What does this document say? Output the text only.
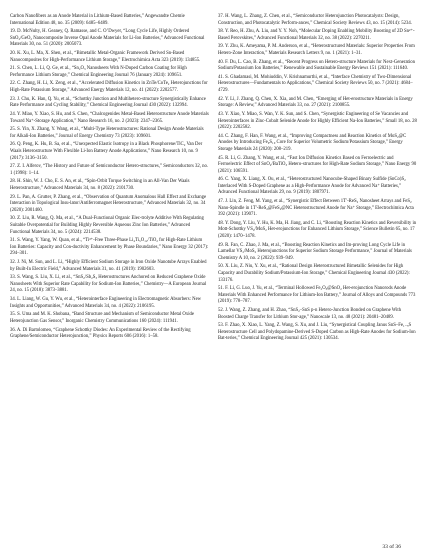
Carbon Nanofibers as an Anode Material in Lithium-Based Batteries,” Angewandte Chemie International Edition 48, no. 35 (2009): 6485–6489.

19. D. McNulty, H. Geaney, Q. Ramasse, and C. O’Dwyer, “Long Cycle Life, Highly Ordered SnO₂/GeO₂ Nanocomposite Inverse Opal Anode Materials for Li-Ion Batteries,” Advanced Functional Materials 30, no. 51 (2020): 2005073.

20. K. Xu, L. Ma, X. Shen, et al., “Bimetallic Metal-Organic Framework Derived Sn-Based Nanocomposites for High-Performance Lithium Storage,” Electrochimica Acta 323 (2019): 134855.

21. S. Chen, L. Li, Q. Ge, et al., “Sn₂O₃ Nanosheets With N-Doped Carbon Coating for High Performance Lithium Storage,” Chemical Engineering Journal 76 (January 2024): 109651.

22. C. Zhang, H. Li, X. Zeng, et al., “Accelerated Diffusion Kinetics in ZnTe/CoTe₂ Heterojunctions for High-Rate Potassium Storage,” Advanced Energy Materials 12, no. 41 (2022): 2202577.

23. J. Chu, K. Han, Q. Yu, et al., “Schottky Junction and Multihetero-structure Synergistically Enhance Rate Performance and Cycling Stability,” Chemical Engineering Journal 430 (2022): 132994.

24. Y. Miao, Y. Xiao, S. Hu, and S. Chen, “Chalcogenides Metal-Based Heterostructure Anode Materials Toward Na⁺-Storage Application,” Nano Research 16, no. 2 (2023): 2347–2365.

25. S. Yin, X. Zhang, Y. Wang, et al., “Multi-Type Heterostructures: Rational Design Anode Materials for Alkali-Ion Batteries,” Journal of Energy Chemistry 73 (2023): 109601.

26. Q. Peng, K. Hu, B. Sa, et al., “Unexpected Elastic Isotropy in a Black Phosphorene/TiC₂ Van Der Waals Heterostructure With Flexible Li-Ion Battery Anode Applications,” Nano Research 10, no. 9 (2017): 3136–3150.

27. Z. I. Alferov, “The History and Future of Semiconductor Hetero-structures,” Semiconductors 32, no. 1 (1998): 1–14.

28. H. Shin, W. J. Cho, E. S. An, et al., “Spin-Orbit Torque Switching in an All-Van Der Waals Heterostructure,” Advanced Materials 34, no. 8 (2022): 2101730.

29. L. Pan, A. Grutter, P. Zhang, et al., “Observation of Quantum Anomalous Hall Effect and Exchange Interaction in Topological Insu-lator/Antiferromagnet Heterostructure,” Advanced Materials 32, no. 34 (2020): 2001460.

30. Z. Liu, R. Wang, Q. Ma, et al., “A Dual-Functional Organic Elec-trolyte Additive With Regulating Suitable Overpotential for Building Highly Reversible Aqueous Zinc Ion Batteries,” Advanced Functional Materials 34, no. 5 (2024): 2214538.

31. S. Wang, Y. Yang, W. Quan, et al., “Ti³⁺-Free Three-Phase Li₄Ti₅O₁₂/TiO₂ for High-Rate Lithium Ion Batteries: Capacity and Con-ductivity Enhancement by Phase Boundaries,” Nano Energy 32 (2017): 294–301.

32. J. Ni, M. Sun, and L. Li, “Highly Efficient Sodium Storage in Iron Oxide Nanotube Arrays Enabled by Built-In Electric Field,” Advanced Materials 31, no. 41 (2019): 1902603.

33. S. Wang, S. Liu, X. Li, et al., “SnS₂/Sb₂S₃ Heterostructures Anchored on Reduced Graphene Oxide Nanosheets With Superior Rate Capability for Sodium-Ion Batteries,” Chemistry—A European Journal 24, no. 15 (2018): 3873–3881.

34. L. Liang, W. Gu, Y. Wu, et al., “Heterointerface Engineering in Electromagnetic Absorbers: New Insights and Opportunities,” Advanced Materials 34, no. 4 (2022): 2106195.

35. S. Uma and M. K. Shobana, “Band Structure and Mechanism of Semiconductor Metal Oxide Heterojunction Gas Sensor,” Inorganic Chemistry Communications 160 (2024): 111941.

36. A. Di Bartolomeo, “Graphene Schottky Diodes: An Experimental Review of the Rectifying Graphene/Semiconductor Heterojunction,” Physics Reports 606 (2016): 1–58.

37. H. Wang, L. Zhang, Z. Chen, et al., “Semiconductor Heterojunction Photocatalysts: Design, Construction, and Photocatalytic Perform-ances,” Chemical Society Reviews 43, no. 15 (2014): 5234.

38. Y. Reo, H. Zhu, A. Liu, and Y. Y. Noh, “Molecular Doping Enabling Mobility Boosting of 2D Sn²⁺-Based Perovskites,” Advanced Functional Materials 32, no. 38 (2022): 2270211.

39. Y. Zhu, K. Ameyama, P. M. Anderson, et al., “Heterostructured Materials: Superior Properties From Hetero-Zone Interaction,” Materials Research Letters 9, no. 1 (2021): 1–31.

40. F. Du, L. Cao, B. Zhang, et al., “Recent Progress on Hetero-structure Materials for Next-Generation Sodium/Potassium Ion Batteries,” Renewable and Sustainable Energy Reviews 151 (2021): 111640.

41. S. Ghadamasi, M. Mohiuddin, V. Krishnamurthi, et al., “Interface Chemistry of Two-Dimensional Heterostructures—Fundamentals to Applications,” Chemical Society Reviews 50, no. 7 (2021): 4684–4729.

42. Y. Li, J. Zhang, Q. Chen, X. Xia, and M. Chen, “Emerging of Het-erostructure Materials in Energy Storage: A Review,” Advanced Materials 33, no. 27 (2021): 2100855.

43. Y. Xiao, Y. Miao, S. Wan, Y. K. Sun, and S. Chen, “Synergistic Engineering of Se Vacancies and Heterointerfaces in Zinc-Cobalt Selenide Anode for Highly Efficient Na-Ion Batteries,” Small 18, no. 28 (2022): 2202582.

44. C. Zhang, F. Han, F. Wang, et al., “Improving Compactness and Reaction Kinetics of MoS₂@C Anodes by Introducing Fe₉S₁₀ Core for Superior Volumetric Sodium/Potassium Storage,” Energy Storage Materials 24 (2020): 208–219.

45. R. Li, G. Zhang, Y. Wang, et al., “Fast Ion Diffusion Kinetics Based on Ferroelectric and Ferroelectric Effect of SnO₂/BaTiO₃ Hetero-structures for High-Rate Sodium Storage,” Nano Energy 90 (2021): 106591.

46. C. Yang, X. Liang, X. Ou, et al., “Heterostructured Nanocube-Shaped Binary Sulfide (SnCo)S₂ Interlaced With S-Doped Graphene as a High-Performance Anode for Advanced Na⁺ Batteries,” Advanced Functional Materials 29, no. 9 (2019): 1807971.

47. J. Lin, Z. Feng, M. Yang, et al., “Synergistic Effect Between 1T′-ReS₂ Nanosheet Arrays and FeS₂ Nano-Spindle in 1T′-ReS₂@FeS₂@NC Heterostructured Anode for Na⁺ Storage,” Electrochimica Acta 392 (2021): 139071.

48. Y. Dong, Y. Liu, Y. Hu, K. Ma, H. Jiang, and C. Li, “Boosting Reaction Kinetics and Reversibility in Mott-Schottky VS₄/MoS₂ Het-erojunctions for Enhanced Lithium Storage,” Science Bulletin 65, no. 17 (2020): 1470–1478.

49. R. Fan, C. Zhao, J. Ma, et al., “Boosting Reaction Kinetics and Im-proving Long Cycle Life in Lamellar VS₂/MoS₂ Heterojunctions for Superior Sodium Storage Performance,” Journal of Materials Chemistry A 10, no. 2 (2022): 939–949.

50. X. Liu, Z. Niu, Y. Xu, et al., “Rational Design Heterostructured Bimetallic Selenides for High Capacity and Durability Sodium/Potassium-Ion Storage,” Chemical Engineering Journal 430 (2022): 133176.

51. F. Li, G. Luo, J. Yu, et al., “Terminal Hollowed Fe₂O₃@SnO₂ Het-erojunction Nanorods Anode Materials With Enhanced Performance for Lithium-Ion Battery,” Journal of Alloys and Compounds 773 (2019): 778–787.

52. J. Wang, Z. Zhang, and H. Zhao, “SnS₂–SnS p-n Hetero-Junction Bonded on Graphene With Boosted Charge Transfer for Lithium Stor-age,” Nanoscale 13, no. 48 (2021): 20481–20489.

53. F. Zhao, X. Xiao, L. Yang, Z. Wang, S. Xu, and J. Liu, “Synergistical Coupling Janus SnS–Fe₁₋ₓS Heterostructure Cell and Polydopamine-Derived S-Doped Carbon as High-Rate Anodes for Sodium-Ion Bat-teries,” Chemical Engineering Journal 425 (2021): 130534.

33 of 36
